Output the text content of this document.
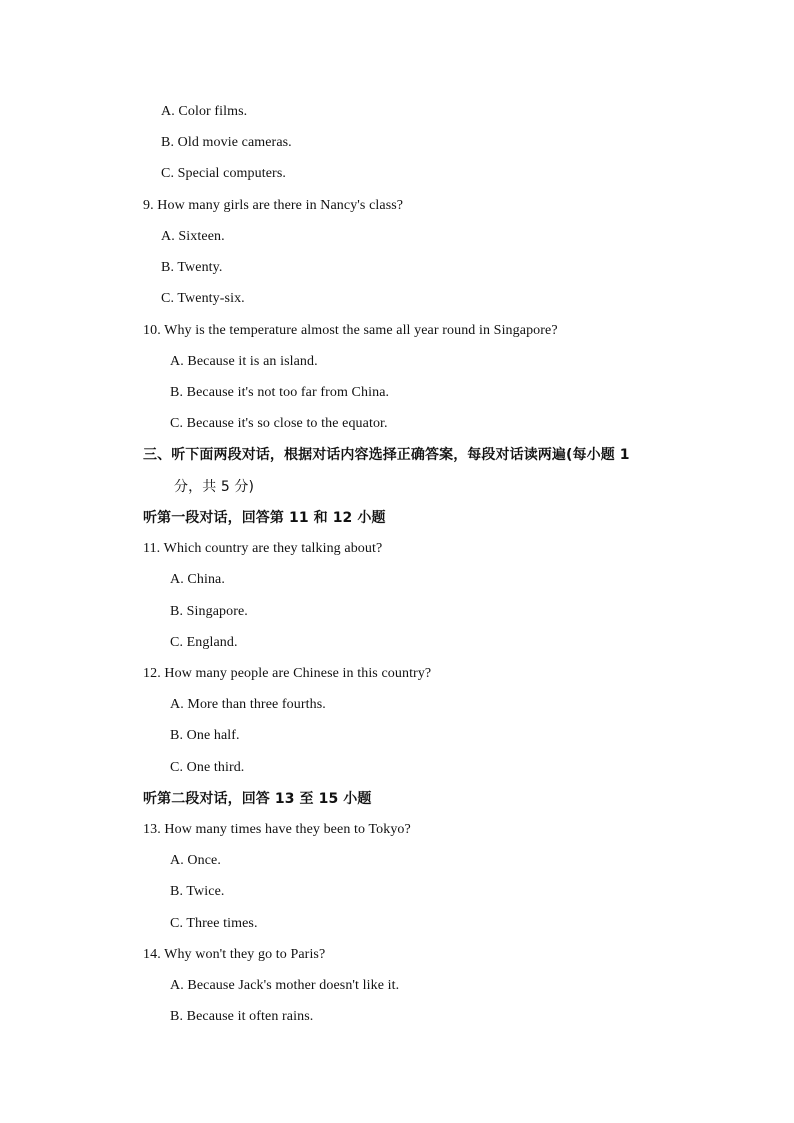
A. Color films.
B. Old movie cameras.
C. Special computers.
9. How many girls are there in Nancy's class?
A. Sixteen.
B. Twenty.
C. Twenty-six.
10. Why is the temperature almost the same all year round in Singapore?
A. Because it is an island.
B. Because it's not too far from China.
C. Because it's so close to the equator.
三、听下面两段对话，根据对话内容选择正确答案，每段对话读两遍(每小题 1
分，共 5 分)
听第一段对话，回答第 11 和 12 小题
11. Which country are they talking about?
A. China.
B. Singapore.
C. England.
12. How many people are Chinese in this country?
A. More than three fourths.
B. One half.
C. One third.
听第二段对话，回答 13 至 15 小题
13. How many times have they been to Tokyo?
A. Once.
B. Twice.
C. Three times.
14. Why won't they go to Paris?
A. Because Jack's mother doesn't like it.
B. Because it often rains.
